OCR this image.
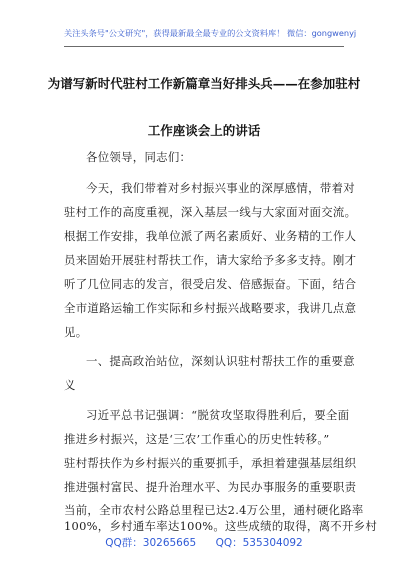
关注头条号"公文研究"，获得最新最全最专业的公文资料库！ 微信：gongwenyj
为谱写新时代驻村工作新篇章当好排头兵——在参加驻村
工作座谈会上的讲话
各位领导，同志们：
今天，我们带着对乡村振兴事业的深厚感情，带着对
驻村工作的高度重视，深入基层一线与大家面对面交流。
根据工作安排，我单位派了两名素质好、业务精的工作人
员来固始开展驻村帮扶工作，请大家给予多多支持。刚才
听了几位同志的发言，很受启发、倍感振奋。下面，结合
全市道路运输工作实际和乡村振兴战略要求，我讲几点意
见。
一、提高政治站位，深刻认识驻村帮扶工作的重要意
义
习近平总书记强调：“脱贫攻坚取得胜利后，要全面
推进乡村振兴，这是‘三农’工作重心的历史性转移。”
驻村帮扶作为乡村振兴的重要抓手，承担着建强基层组织
推进强村富民、提升治理水平、为民办事服务的重要职责
当前，全市农村公路总里程已达2.4万公里，通村硬化路率
100%，乡村通车率达100%。这些成绩的取得，离不开乡村
QQ群：30265665 QQ：535304092
